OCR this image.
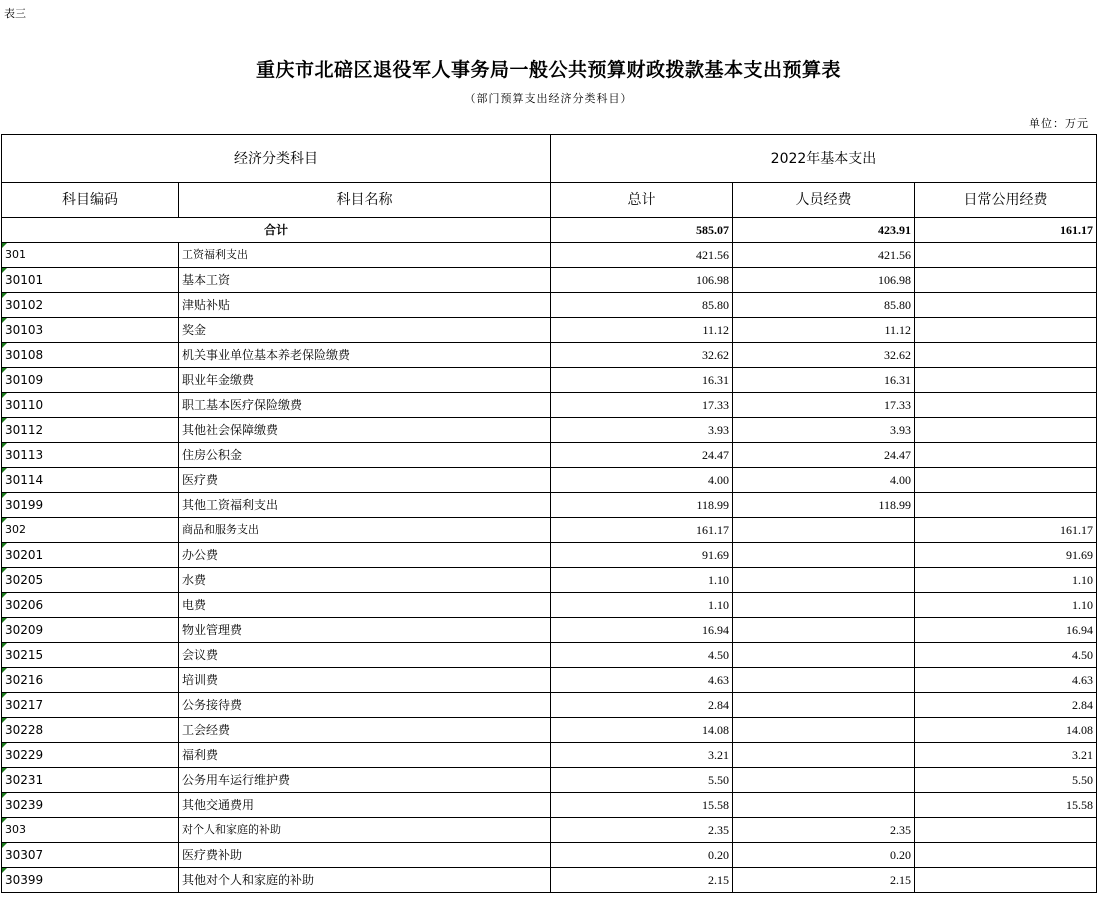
表三
重庆市北碚区退役军人事务局一般公共预算财政拨款基本支出预算表
（部门预算支出经济分类科目）
单位：万元
经济分类科目		2022年基本支出		
科目编码	科目名称	总计	人员经费	日常公用经费
合计		585.07	423.91	161.17
301	工资福利支出	421.56	421.56	
30101	基本工资	106.98	106.98	
30102	津贴补贴	85.80	85.80	
30103	奖金	11.12	11.12	
30108	机关事业单位基本养老保险缴费	32.62	32.62	
30109	职业年金缴费	16.31	16.31	
30110	职工基本医疗保险缴费	17.33	17.33	
30112	其他社会保障缴费	3.93	3.93	
30113	住房公积金	24.47	24.47	
30114	医疗费	4.00	4.00	
30199	其他工资福利支出	118.99	118.99	
302	商品和服务支出	161.17		161.17
30201	办公费	91.69		91.69
30205	水费	1.10		1.10
30206	电费	1.10		1.10
30209	物业管理费	16.94		16.94
30215	会议费	4.50		4.50
30216	培训费	4.63		4.63
30217	公务接待费	2.84		2.84
30228	工会经费	14.08		14.08
30229	福利费	3.21		3.21
30231	公务用车运行维护费	5.50		5.50
30239	其他交通费用	15.58		15.58
303	对个人和家庭的补助	2.35	2.35	
30307	医疗费补助	0.20	0.20	
30399	其他对个人和家庭的补助	2.15	2.15	
